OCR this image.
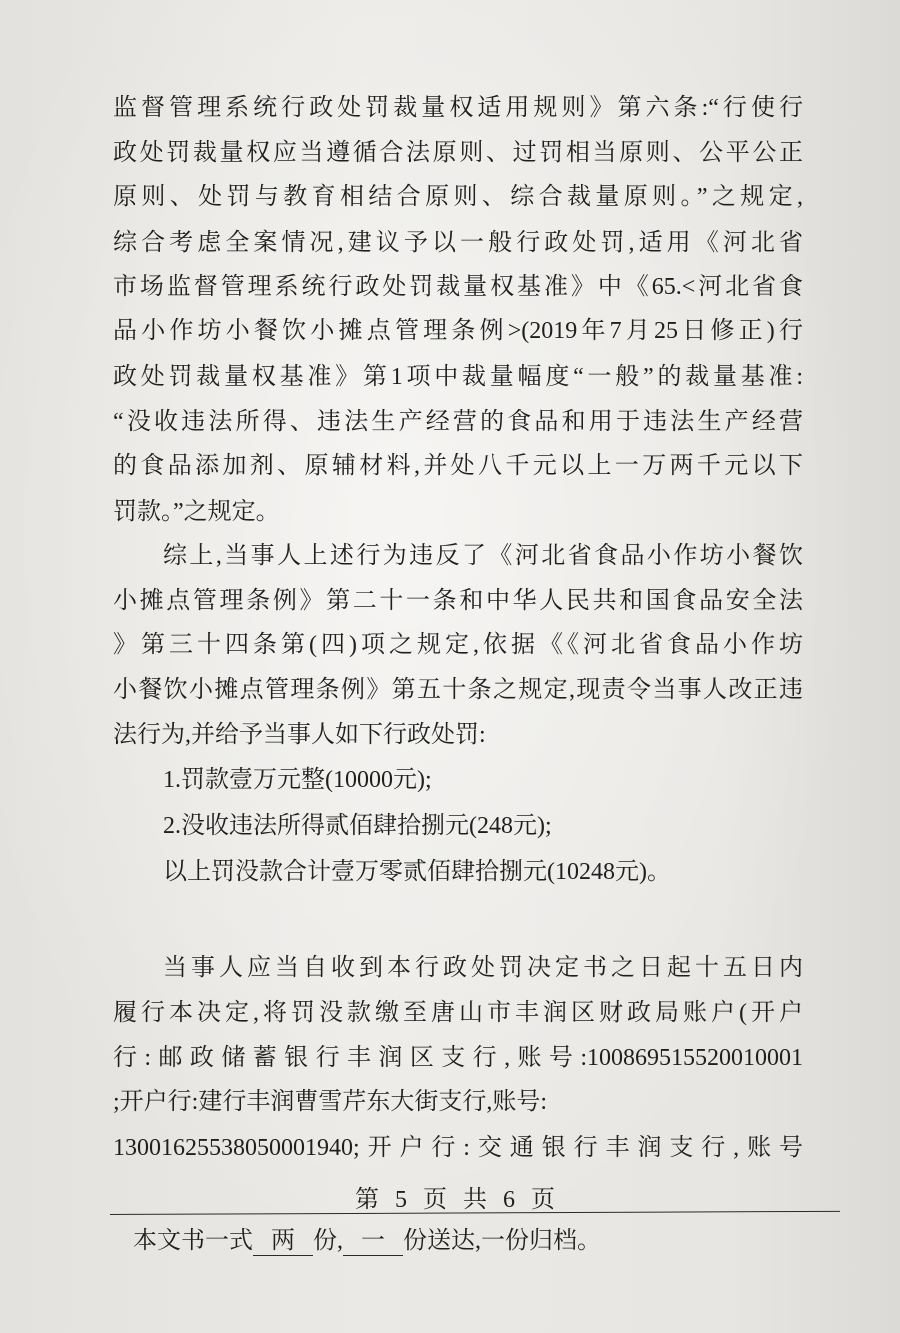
监督管理系统行政处罚裁量权适用规则》第六条:“行使行
政处罚裁量权应当遵循合法原则、过罚相当原则、公平公正
原则、处罚与教育相结合原则、综合裁量原则。”之规定,
综合考虑全案情况,建议予以一般行政处罚,适用《河北省
市场监督管理系统行政处罚裁量权基准》中《65.<河北省食
品小作坊小餐饮小摊点管理条例>(2019年7月25日修正)行
政处罚裁量权基准》第1项中裁量幅度“一般”的裁量基准:
“没收违法所得、违法生产经营的食品和用于违法生产经营
的食品添加剂、原辅材料,并处八千元以上一万两千元以下
罚款。”之规定。
综上,当事人上述行为违反了《河北省食品小作坊小餐饮
小摊点管理条例》第二十一条和中华人民共和国食品安全法
》第三十四条第(四)项之规定,依据《《河北省食品小作坊
小餐饮小摊点管理条例》第五十条之规定,现责令当事人改正违
法行为,并给予当事人如下行政处罚:
1.罚款壹万元整(10000元);
2.没收违法所得贰佰肆拾捌元(248元);
以上罚没款合计壹万零贰佰肆拾捌元(10248元)。
当事人应当自收到本行政处罚决定书之日起十五日内
履行本决定,将罚没款缴至唐山市丰润区财政局账户(开户
行:邮政储蓄银行丰润区支行,账号:100869515520010001
;开户行:建行丰润曹雪芹东大街支行,账号:
13001625538050001940;开户行:交通银行丰润支行,账号
第 5 页 共 6 页
本文书一式 两 份, 一 份送达,一份归档。
